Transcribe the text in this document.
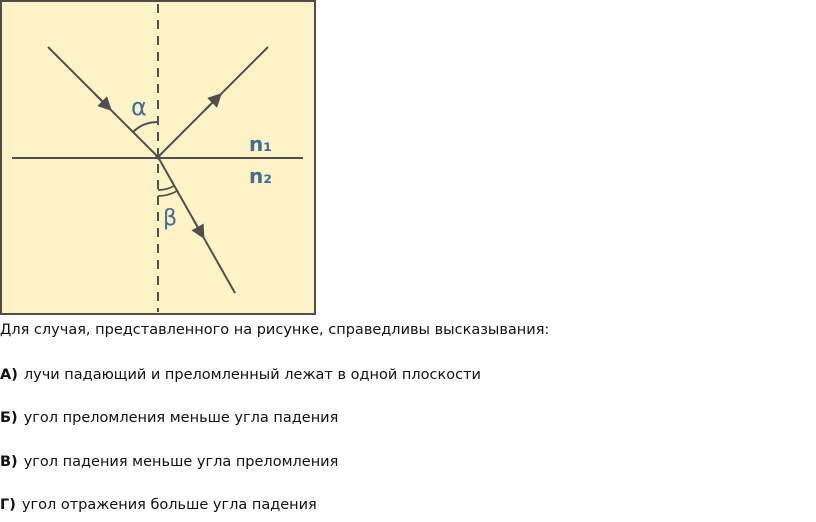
α
β
n₁
n₂
Для случая, представленного на рисунке, справедливы высказывания:
А) лучи падающий и преломленный лежат в одной плоскости
Б) угол преломления меньше угла падения
В) угол падения меньше угла преломления
Г) угол отражения больше угла падения
